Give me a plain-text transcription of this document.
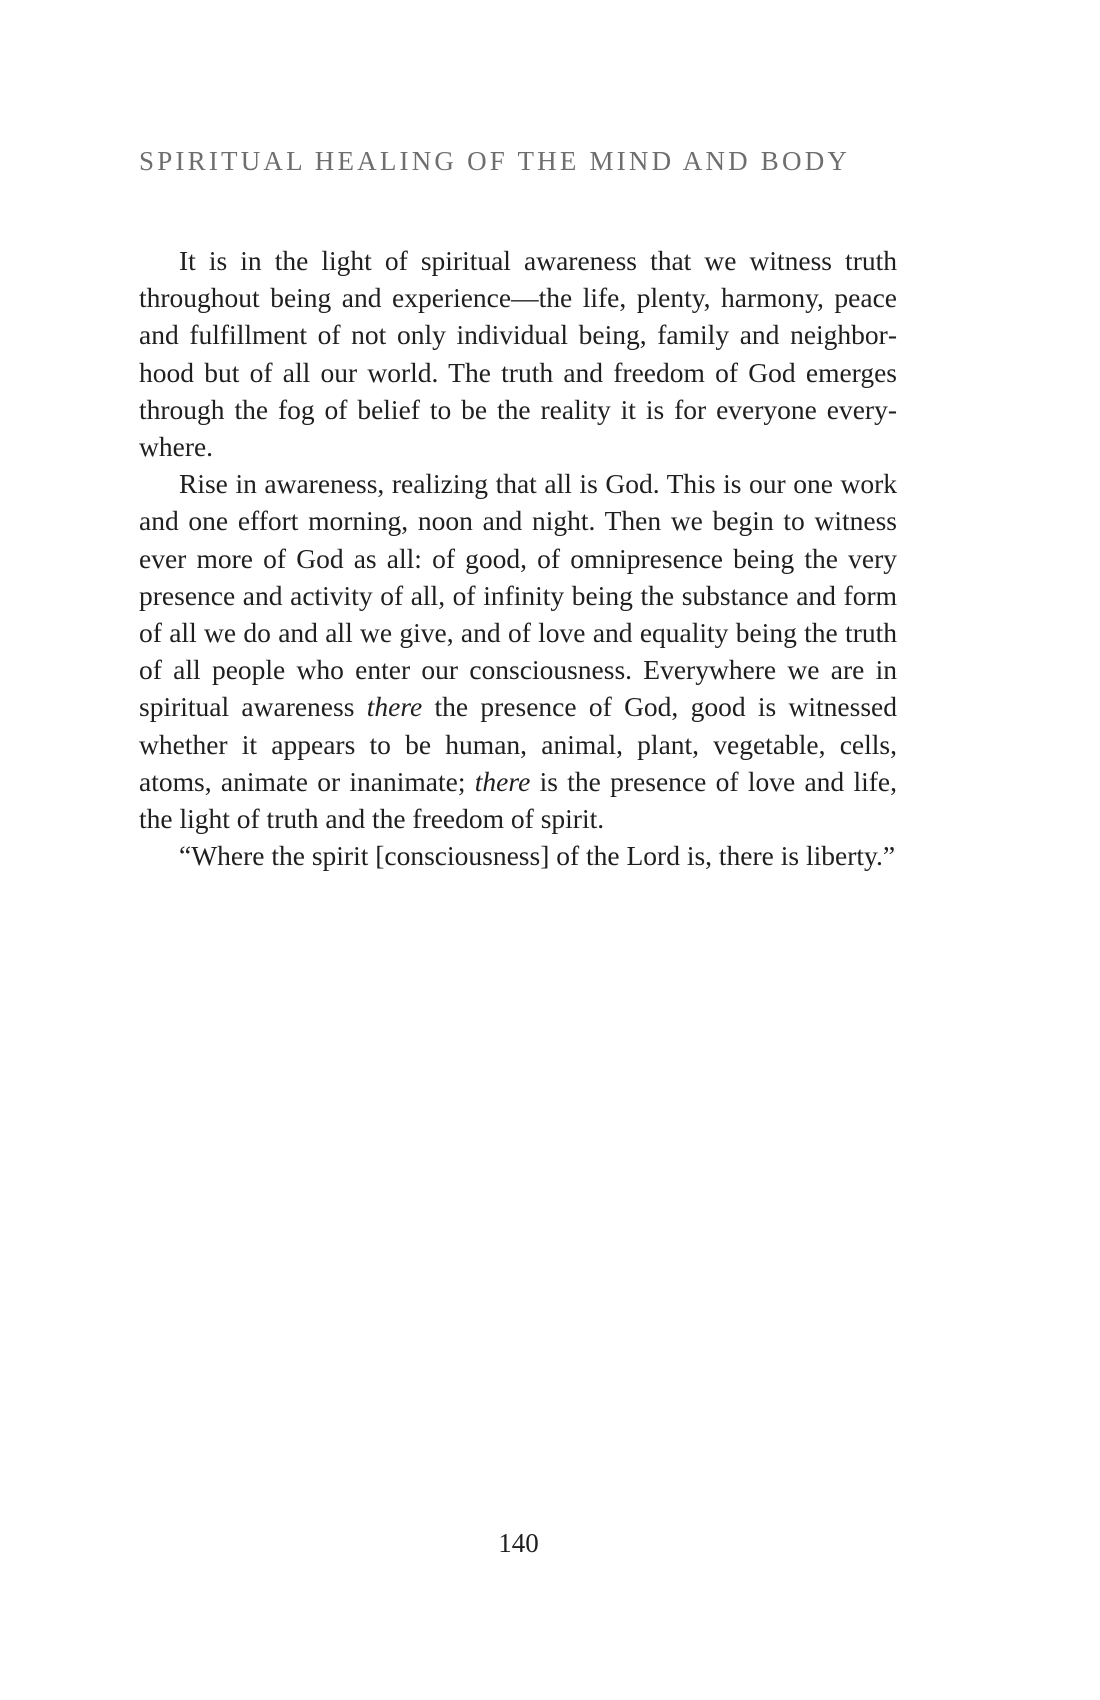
SPIRITUAL HEALING OF THE MIND AND BODY

It is in the light of spiritual awareness that we witness truth throughout being and experience—the life, plenty, harmony, peace and fulfillment of not only individual being, family and neighborhood but of all our world. The truth and freedom of God emerges through the fog of belief to be the reality it is for everyone everywhere.

Rise in awareness, realizing that all is God. This is our one work and one effort morning, noon and night. Then we begin to witness ever more of God as all: of good, of omnipresence being the very presence and activity of all, of infinity being the substance and form of all we do and all we give, and of love and equality being the truth of all people who enter our consciousness. Everywhere we are in spiritual awareness there the presence of God, good is witnessed whether it appears to be human, animal, plant, vegetable, cells, atoms, animate or inanimate; there is the presence of love and life, the light of truth and the freedom of spirit.

“Where the spirit [consciousness] of the Lord is, there is liberty.”

140
